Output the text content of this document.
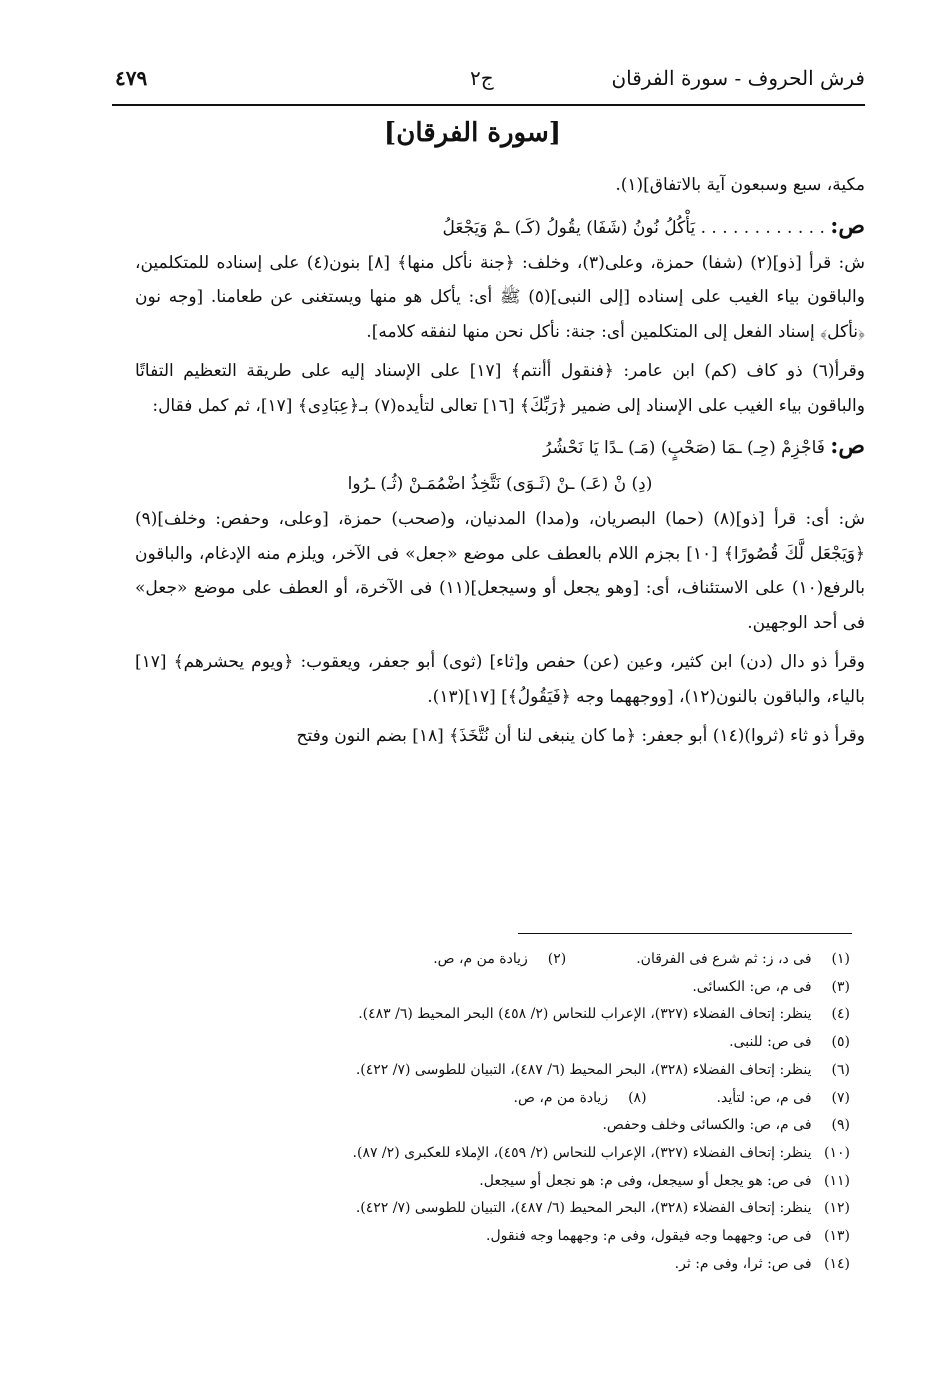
فرش الحروف - سورة الفرقان
ج٢
٤٧٩
[سورة الفرقان]

مكية، سبع وسبعون آية بالاتفاق](١).

ص: . . . . . . . . . . . . يَأْكُلُ نُونُ (شَفَا) يقُولُ (كَـ) ـمْ وَيَجْعَلُ

ش: قرأ [ذو](٢) (شفا) حمزة، وعلى(٣)، وخلف: ﴿جنة نأكل منها﴾ [٨] بنون(٤) على إسناده للمتكلمين، والباقون بياء الغيب على إسناده [إلى النبى](٥) ﷺ أى: يأكل هو منها ويستغنى عن طعامنا. [وجه نون ﴿نأكل﴾ إسناد الفعل إلى المتكلمين أى: جنة: نأكل نحن منها لنفقه كلامه].

وقرأ(٦) ذو كاف (كم) ابن عامر: ﴿فنقول أأنتم﴾ [١٧] على الإسناد إليه على طريقة التعظيم التفاتًا والباقون بياء الغيب على الإسناد إلى ضمير ﴿رَبِّكَ﴾ [١٦] تعالى لتأيده(٧) بـ﴿عِبَادِى﴾ [١٧]، ثم كمل فقال:

ص: فَاجْزِمْ (حِـ) ـمَا (صَحْبٍ) (مَـ) ـدًا يَا نَحْشُرُ

(دِ) نْ (عَـ) ـنْ (ثَـوَى) نَتَّخِذُ اضْمُمَـنْ (ثُـ) ـرُوا

ش: أى: قرأ [ذو](٨) (حما) البصريان، و(مدا) المدنيان، و(صحب) حمزة، [وعلى، وحفص: وخلف](٩) ﴿وَيَجْعَل لَّكَ قُصُورًا﴾ [١٠] بجزم اللام بالعطف على موضع «جعل» فى الآخر، ويلزم منه الإدغام، والباقون بالرفع(١٠) على الاستئناف، أى: [وهو يجعل أو وسيجعل](١١) فى الآخرة، أو العطف على موضع «جعل» فى أحد الوجهين.

وقرأ ذو دال (دن) ابن كثير، وعين (عن) حفص و[ثاء] (ثوى) أبو جعفر، ويعقوب: ﴿ويوم يحشرهم﴾ [١٧] بالياء، والباقون بالنون(١٢)، [ووجههما وجه ﴿فَيَقُولُ﴾] [١٧](١٣).

وقرأ ذو ثاء (ثروا)(١٤) أبو جعفر: ﴿ما كان ينبغى لنا أن نُتَّخَذَ﴾ [١٨] بضم النون وفتح

(١) فى د، ز: ثم شرع فى الفرقان.(٢) زيادة من م، ص.
(٣) فى م، ص: الكسائى.
(٤) ينظر: إتحاف الفضلاء (٣٢٧)، الإعراب للنحاس (٢/ ٤٥٨) البحر المحيط (٦/ ٤٨٣).
(٥) فى ص: للنبى.
(٦) ينظر: إتحاف الفضلاء (٣٢٨)، البحر المحيط (٦/ ٤٨٧)، التبيان للطوسى (٧/ ٤٢٢).
(٧) فى م، ص: لتأيد.(٨) زيادة من م، ص.
(٩) فى م، ص: والكسائى وخلف وحفص.
(١٠) ينظر: إتحاف الفضلاء (٣٢٧)، الإعراب للنحاس (٢/ ٤٥٩)، الإملاء للعكبرى (٢/ ٨٧).
(١١) فى ص: هو يجعل أو سيجعل، وفى م: هو نجعل أو سيجعل.
(١٢) ينظر: إتحاف الفضلاء (٣٢٨)، البحر المحيط (٦/ ٤٨٧)، التبيان للطوسى (٧/ ٤٢٢).
(١٣) فى ص: وجههما وجه فيقول، وفى م: وجههما وجه فنقول.
(١٤) فى ص: ثرا، وفى م: ثر.
